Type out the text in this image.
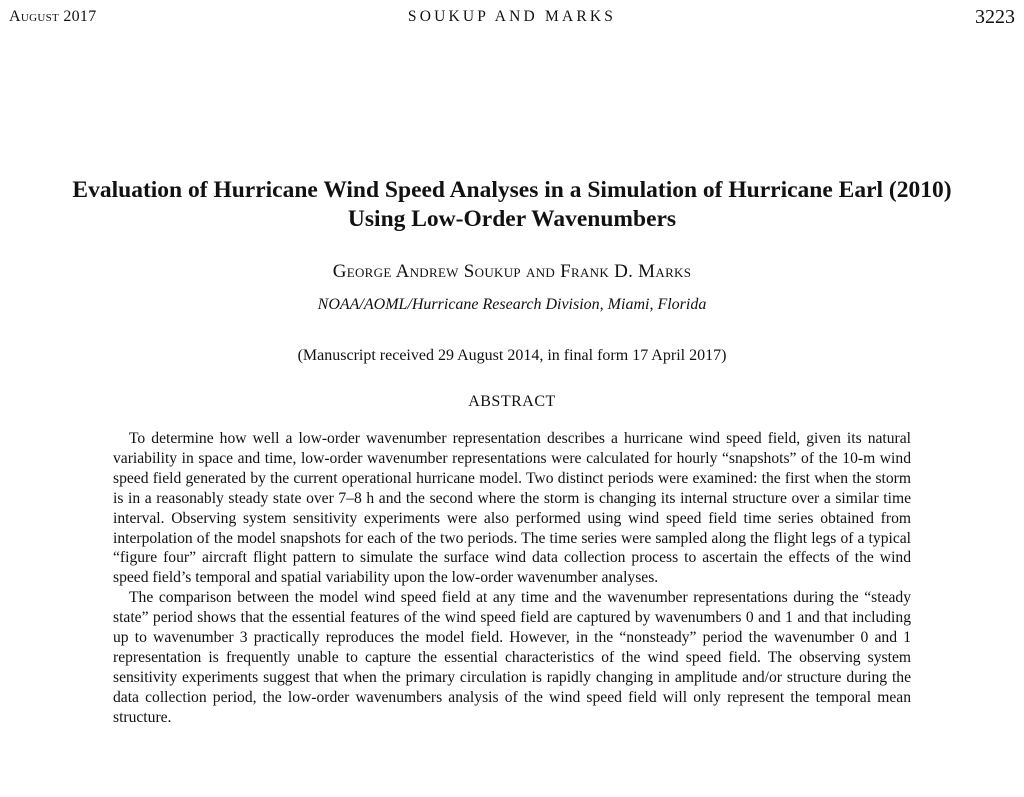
August 2017	SOUKUP AND MARKS	3223
Evaluation of Hurricane Wind Speed Analyses in a Simulation of Hurricane Earl (2010) Using Low-Order Wavenumbers
George Andrew Soukup and Frank D. Marks
NOAA/AOML/Hurricane Research Division, Miami, Florida
(Manuscript received 29 August 2014, in final form 17 April 2017)
ABSTRACT

To determine how well a low-order wavenumber representation describes a hurricane wind speed field, given its natural variability in space and time, low-order wavenumber representations were calculated for hourly “snapshots” of the 10-m wind speed field generated by the current operational hurricane model. Two distinct periods were examined: the first when the storm is in a reasonably steady state over 7–8 h and the second where the storm is changing its internal structure over a similar time interval. Observing system sensitivity experiments were also performed using wind speed field time series obtained from interpolation of the model snapshots for each of the two periods. The time series were sampled along the flight legs of a typical “figure four” aircraft flight pattern to simulate the surface wind data collection process to ascertain the effects of the wind speed field’s temporal and spatial variability upon the low-order wavenumber analyses.

The comparison between the model wind speed field at any time and the wavenumber representations during the “steady state” period shows that the essential features of the wind speed field are captured by wavenumbers 0 and 1 and that including up to wavenumber 3 practically reproduces the model field. However, in the “nonsteady” period the wavenumber 0 and 1 representation is frequently unable to capture the essential characteristics of the wind speed field. The observing system sensitivity experiments suggest that when the primary circulation is rapidly changing in amplitude and/or structure during the data collection period, the low-order wavenumbers analysis of the wind speed field will only represent the temporal mean structure.
